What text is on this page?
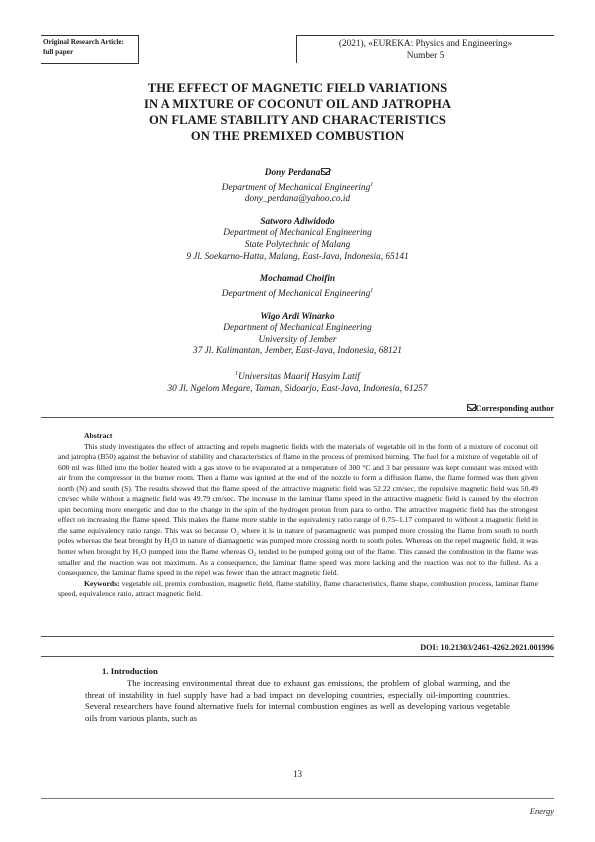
Original Research Article:
full paper
(2021), «EUREKA: Physics and Engineering»
Number 5
THE EFFECT OF MAGNETIC FIELD VARIATIONS
IN A MIXTURE OF COCONUT OIL AND JATROPHA
ON FLAME STABILITY AND CHARACTERISTICS
ON THE PREMIXED COMBUSTION
Dony Perdana
Department of Mechanical Engineering$^1$
dony_perdana@yahoo.co.id
Satworo Adiwidodo
Department of Mechanical Engineering
State Polytechnic of Malang
9 Jl. Soekarno-Hatta, Malang, East-Java, Indonesia, 65141
Mochamad Choifin
Department of Mechanical Engineering$^1$
Wigo Ardi Winarko
Department of Mechanical Engineering
University of Jember
37 Jl. Kalimantan, Jember, East-Java, Indonesia, 68121
$^1$Universitas Maarif Hasyim Latif
30 Jl. Ngelom Megare, Taman, Sidoarjo, East-Java, Indonesia, 61257
Corresponding author

Abstract

This study investigates the effect of attracting and repels magnetic fields with the materials of vegetable oil in the form of a mixture of coconut oil and jatropha (B50) against the behavior of stability and characteristics of flame in the process of premixed burning. The fuel for a mixture of vegetable oil of 600 ml was filled into the boiler heated with a gas stove to be evaporated at a temperature of 300 °C and 3 bar pressure was kept constant was mixed with air from the compressor in the burner room. Then a flame was ignited at the end of the nozzle to form a diffusion flame, the flame formed was then given north (N) and south (S). The results showed that the flame speed of the attractive magnetic field was 52.22 cm/sec, the repulsive magnetic field was 50.49 cm/sec while without a magnetic field was 49.79 cm/sec. The increase in the laminar flame speed in the attractive magnetic field is caused by the electron spin becoming more energetic and due to the change in the spin of the hydrogen proton from para to ortho. The attractive magnetic field has the strongest effect on increasing the flame speed. This makes the flame more stable in the equivalency ratio range of 0.75–1.17 compared to without a magnetic field in the same equivalency ratio range. This was so because O₂ where it is in nature of paramagnetic was pumped more crossing the flame from south to north poles whereas the heat brought by H₂O in nature of diamagnetic was pumped more crossing north to south poles. Whereas on the repel magnetic field, it was hotter when brought by H₂O pumped into the flame whereas O₂ tended to be pumped going out of the flame. This caused the combustion in the flame was smaller and the reaction was not maximum. As a consequence, the laminar flame speed was more lacking and the reaction was not to the fullest. As a consequence, the laminar flame speed in the repel was fewer than the attract magnetic field.

Keywords: vegetable oil, premix combustion, magnetic field, flame stability, flame characteristics, flame shape, combustion process, laminar flame speed, equivalence ratio, attract magnetic field.

DOI: 10.21303/2461-4262.2021.001996
1. Introduction

The increasing environmental threat due to exhaust gas emissions, the problem of global warming, and the threat of instability in fuel supply have had a bad impact on developing countries, especially oil-importing countries. Several researchers have found alternative fuels for internal combustion engines as well as developing various vegetable oils from various plants, such as

13
Energy
